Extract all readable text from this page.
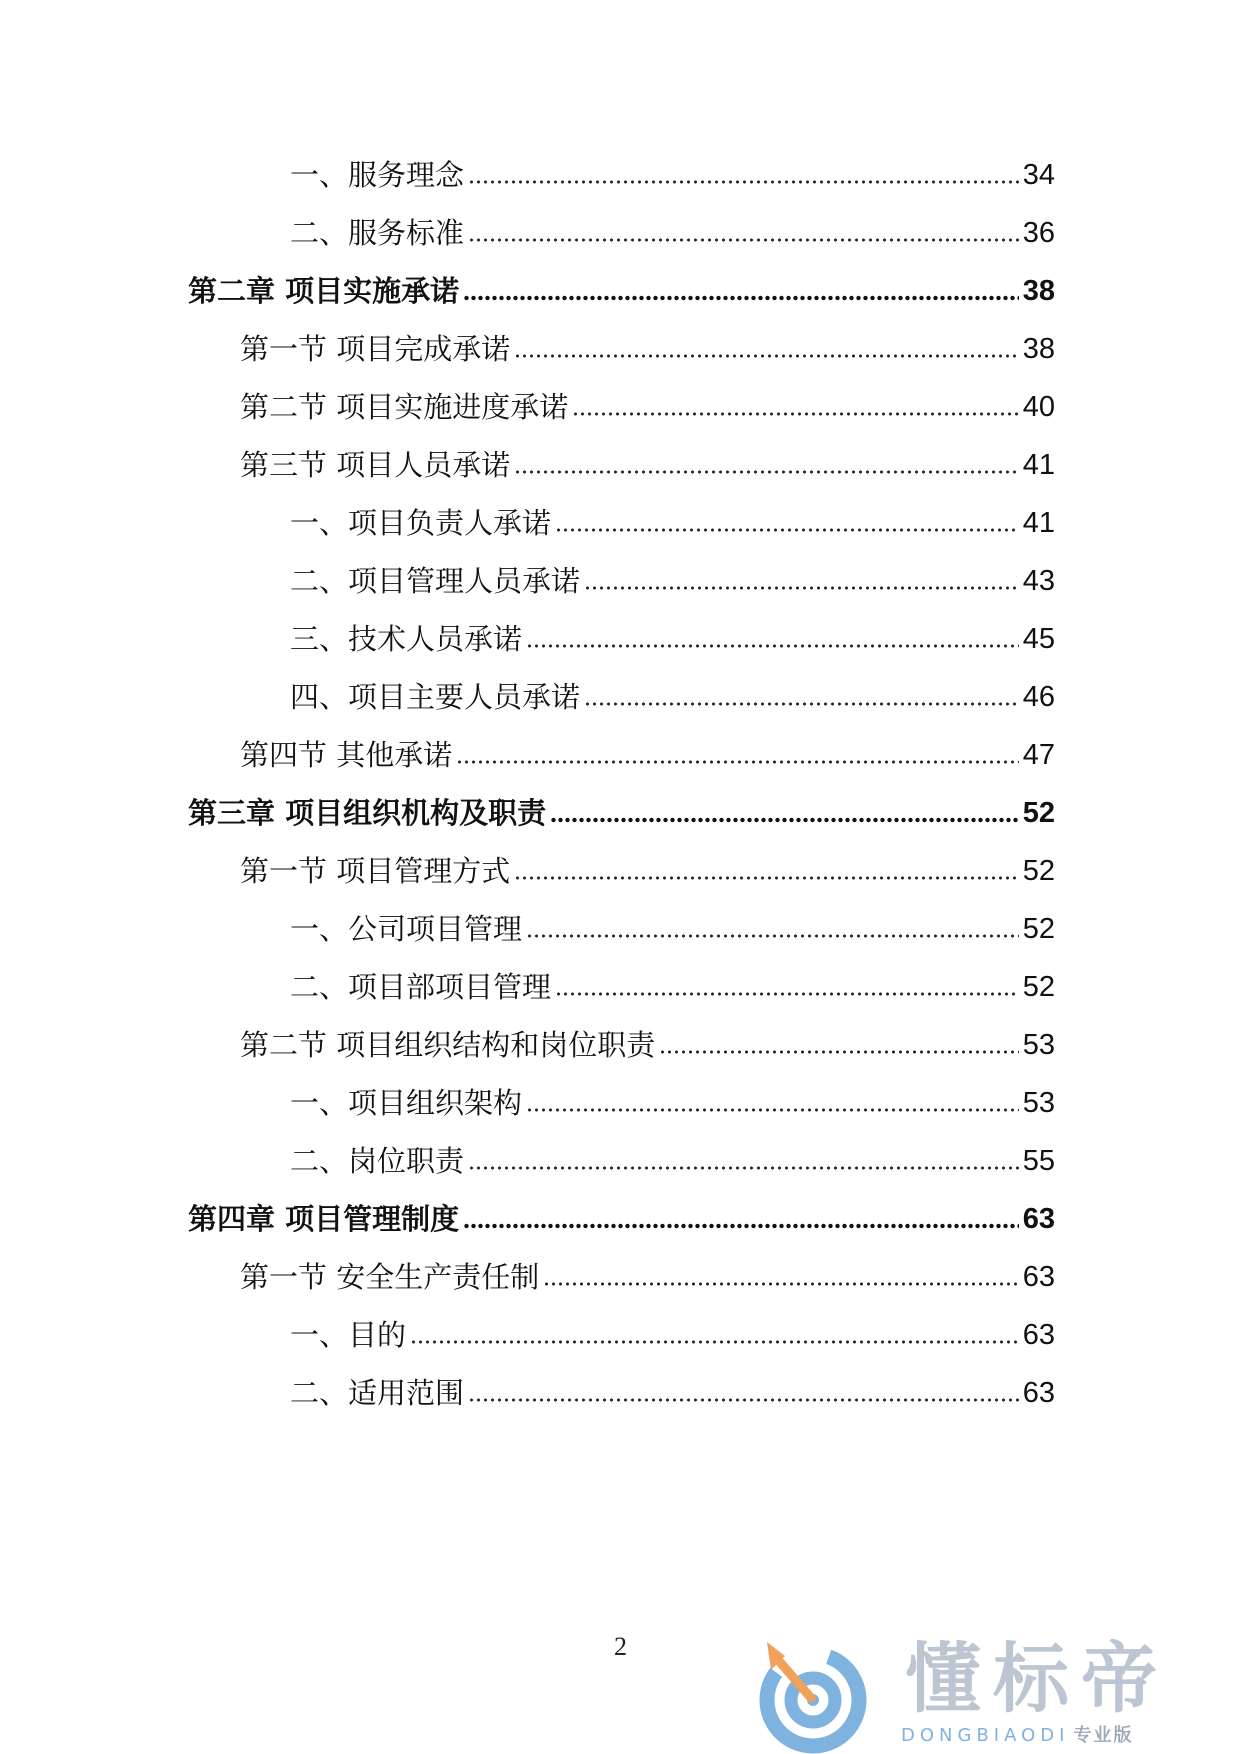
一、服务理念	34
二、服务标准	36
第二章 项目实施承诺	38
第一节 项目完成承诺	38
第二节 项目实施进度承诺	40
第三节 项目人员承诺	41
一、项目负责人承诺	41
二、项目管理人员承诺	43
三、技术人员承诺	45
四、项目主要人员承诺	46
第四节 其他承诺	47
第三章 项目组织机构及职责	52
第一节 项目管理方式	52
一、公司项目管理	52
二、项目部项目管理	52
第二节 项目组织结构和岗位职责	53
一、项目组织架构	53
二、岗位职责	55
第四章 项目管理制度	63
第一节 安全生产责任制	63
一、目的	63
二、适用范围	63
2	懂标帝
DONGBIAODI 专业版
